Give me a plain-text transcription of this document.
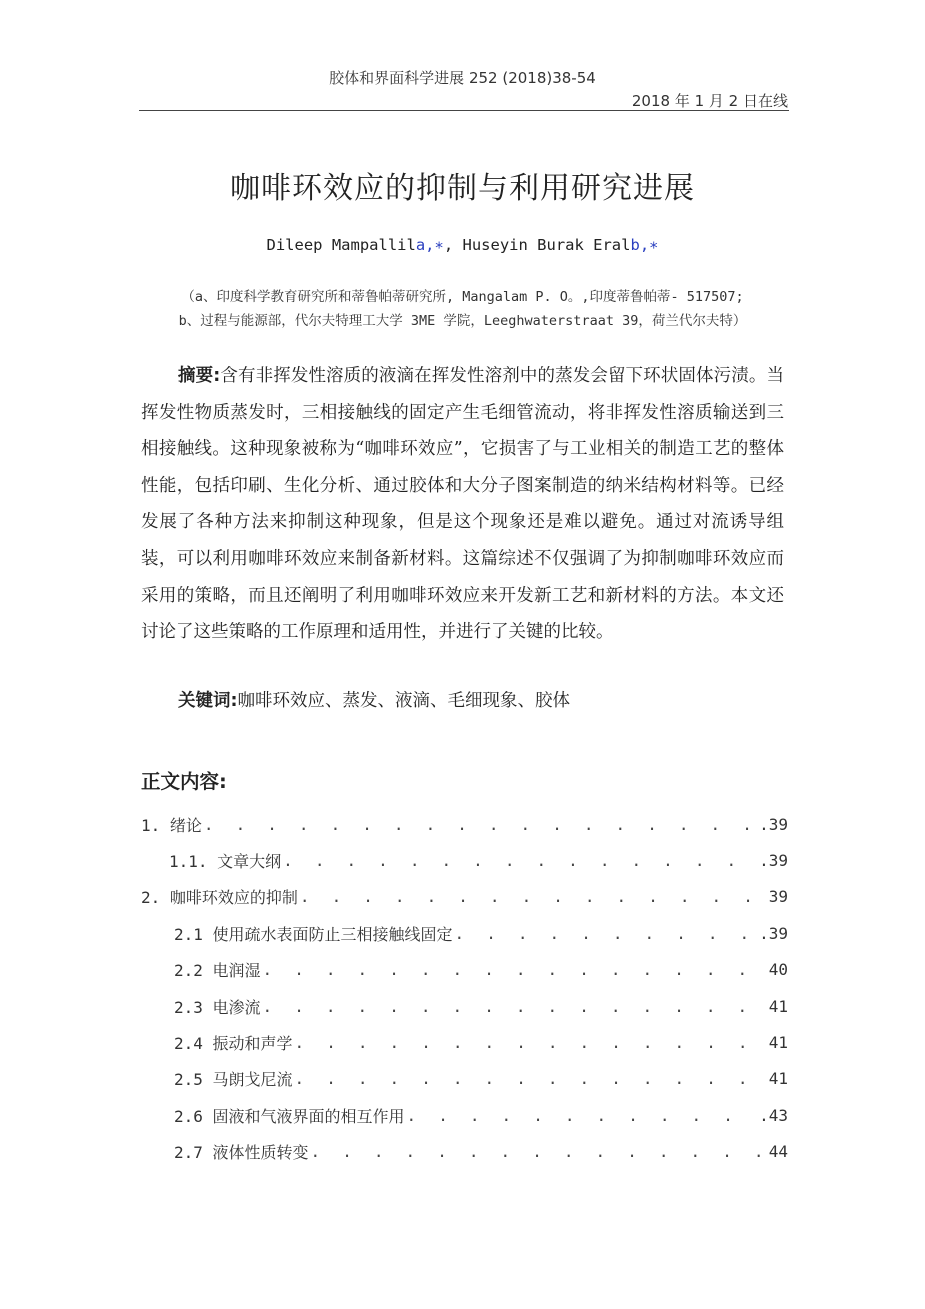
胶体和界面科学进展 252 (2018)38-54
2018 年 1 月 2 日在线
咖啡环效应的抑制与利用研究进展
Dileep Mampallila,∗, Huseyin Burak Eralb,∗
（a、印度科学教育研究所和蒂鲁帕蒂研究所, Mangalam P. O。,印度蒂鲁帕蒂- 517507;
b、过程与能源部，代尔夫特理工大学 3ME 学院，Leeghwaterstraat 39，荷兰代尔夫特）
摘要:含有非挥发性溶质的液滴在挥发性溶剂中的蒸发会留下环状固体污渍。当挥发性物质蒸发时，三相接触线的固定产生毛细管流动，将非挥发性溶质输送到三相接触线。这种现象被称为“咖啡环效应”，它损害了与工业相关的制造工艺的整体性能，包括印刷、生化分析、通过胶体和大分子图案制造的纳米结构材料等。已经发展了各种方法来抑制这种现象，但是这个现象还是难以避免。通过对流诱导组装，可以利用咖啡环效应来制备新材料。这篇综述不仅强调了为抑制咖啡环效应而采用的策略，而且还阐明了利用咖啡环效应来开发新工艺和新材料的方法。本文还讨论了这些策略的工作原理和适用性，并进行了关键的比较。
关键词:咖啡环效应、蒸发、液滴、毛细现象、胶体
正文内容:
1. 绪论 . . .	.39
1.1. 文章大纲 . . .	.39
2. 咖啡环效应的抑制 . . .	39
2.1 使用疏水表面防止三相接触线固定 . . .	.39
2.2 电润湿 . . .	40
2.3 电渗流 . . .	41
2.4 振动和声学 . . .	41
2.5 马朗戈尼流 . . .	41
2.6 固液和气液界面的相互作用 . . .	.43
2.7 液体性质转变 . . .	44
